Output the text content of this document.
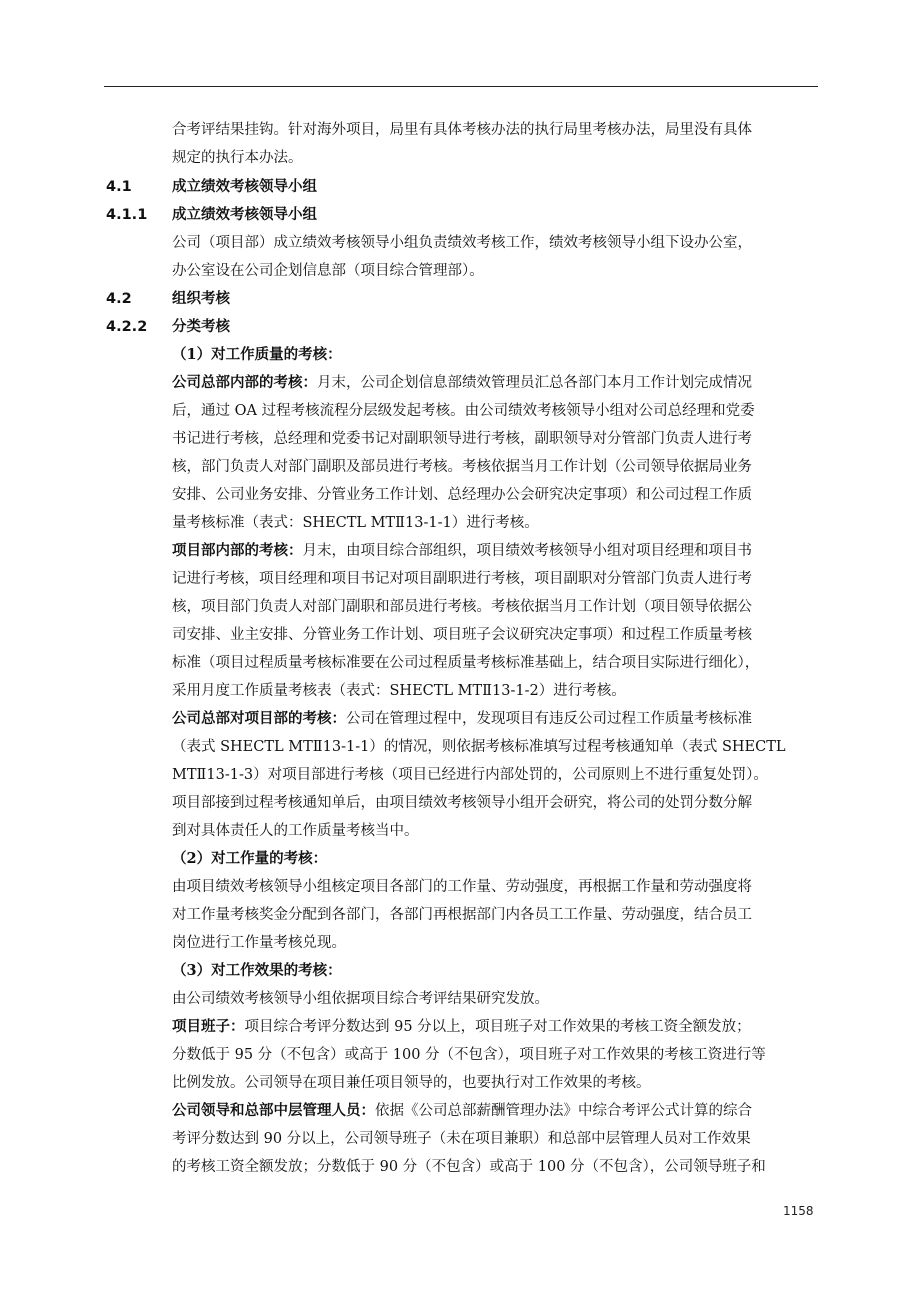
合考评结果挂钩。针对海外项目，局里有具体考核办法的执行局里考核办法，局里没有具体
规定的执行本办法。
4.1	成立绩效考核领导小组
4.1.1 成立绩效考核领导小组
公司（项目部）成立绩效考核领导小组负责绩效考核工作，绩效考核领导小组下设办公室，
办公室设在公司企划信息部（项目综合管理部）。
4.2	组织考核
4.2.2 分类考核
（1）对工作质量的考核：
公司总部内部的考核：月末，公司企划信息部绩效管理员汇总各部门本月工作计划完成情况
后，通过 OA 过程考核流程分层级发起考核。由公司绩效考核领导小组对公司总经理和党委
书记进行考核，总经理和党委书记对副职领导进行考核，副职领导对分管部门负责人进行考
核，部门负责人对部门副职及部员进行考核。考核依据当月工作计划（公司领导依据局业务
安排、公司业务安排、分管业务工作计划、总经理办公会研究决定事项）和公司过程工作质
量考核标准（表式：SHECTL MTⅡ13-1-1）进行考核。
项目部内部的考核：月末，由项目综合部组织，项目绩效考核领导小组对项目经理和项目书
记进行考核，项目经理和项目书记对项目副职进行考核，项目副职对分管部门负责人进行考
核，项目部门负责人对部门副职和部员进行考核。考核依据当月工作计划（项目领导依据公
司安排、业主安排、分管业务工作计划、项目班子会议研究决定事项）和过程工作质量考核
标准（项目过程质量考核标准要在公司过程质量考核标准基础上，结合项目实际进行细化），
采用月度工作质量考核表（表式：SHECTL MTⅡ13-1-2）进行考核。
公司总部对项目部的考核：公司在管理过程中，发现项目有违反公司过程工作质量考核标准
（表式 SHECTL MTⅡ13-1-1）的情况，则依据考核标准填写过程考核通知单（表式 SHECTL
MTⅡ13-1-3）对项目部进行考核（项目已经进行内部处罚的，公司原则上不进行重复处罚）。
项目部接到过程考核通知单后，由项目绩效考核领导小组开会研究，将公司的处罚分数分解
到对具体责任人的工作质量考核当中。
（2）对工作量的考核：
由项目绩效考核领导小组核定项目各部门的工作量、劳动强度，再根据工作量和劳动强度将
对工作量考核奖金分配到各部门，各部门再根据部门内各员工工作量、劳动强度，结合员工
岗位进行工作量考核兑现。
（3）对工作效果的考核：
由公司绩效考核领导小组依据项目综合考评结果研究发放。
项目班子：项目综合考评分数达到 95 分以上，项目班子对工作效果的考核工资全额发放；
分数低于 95 分（不包含）或高于 100 分（不包含），项目班子对工作效果的考核工资进行等
比例发放。公司领导在项目兼任项目领导的，也要执行对工作效果的考核。
公司领导和总部中层管理人员：依据《公司总部薪酬管理办法》中综合考评公式计算的综合
考评分数达到 90 分以上，公司领导班子（未在项目兼职）和总部中层管理人员对工作效果
的考核工资全额发放；分数低于 90 分（不包含）或高于 100 分（不包含），公司领导班子和
1158
